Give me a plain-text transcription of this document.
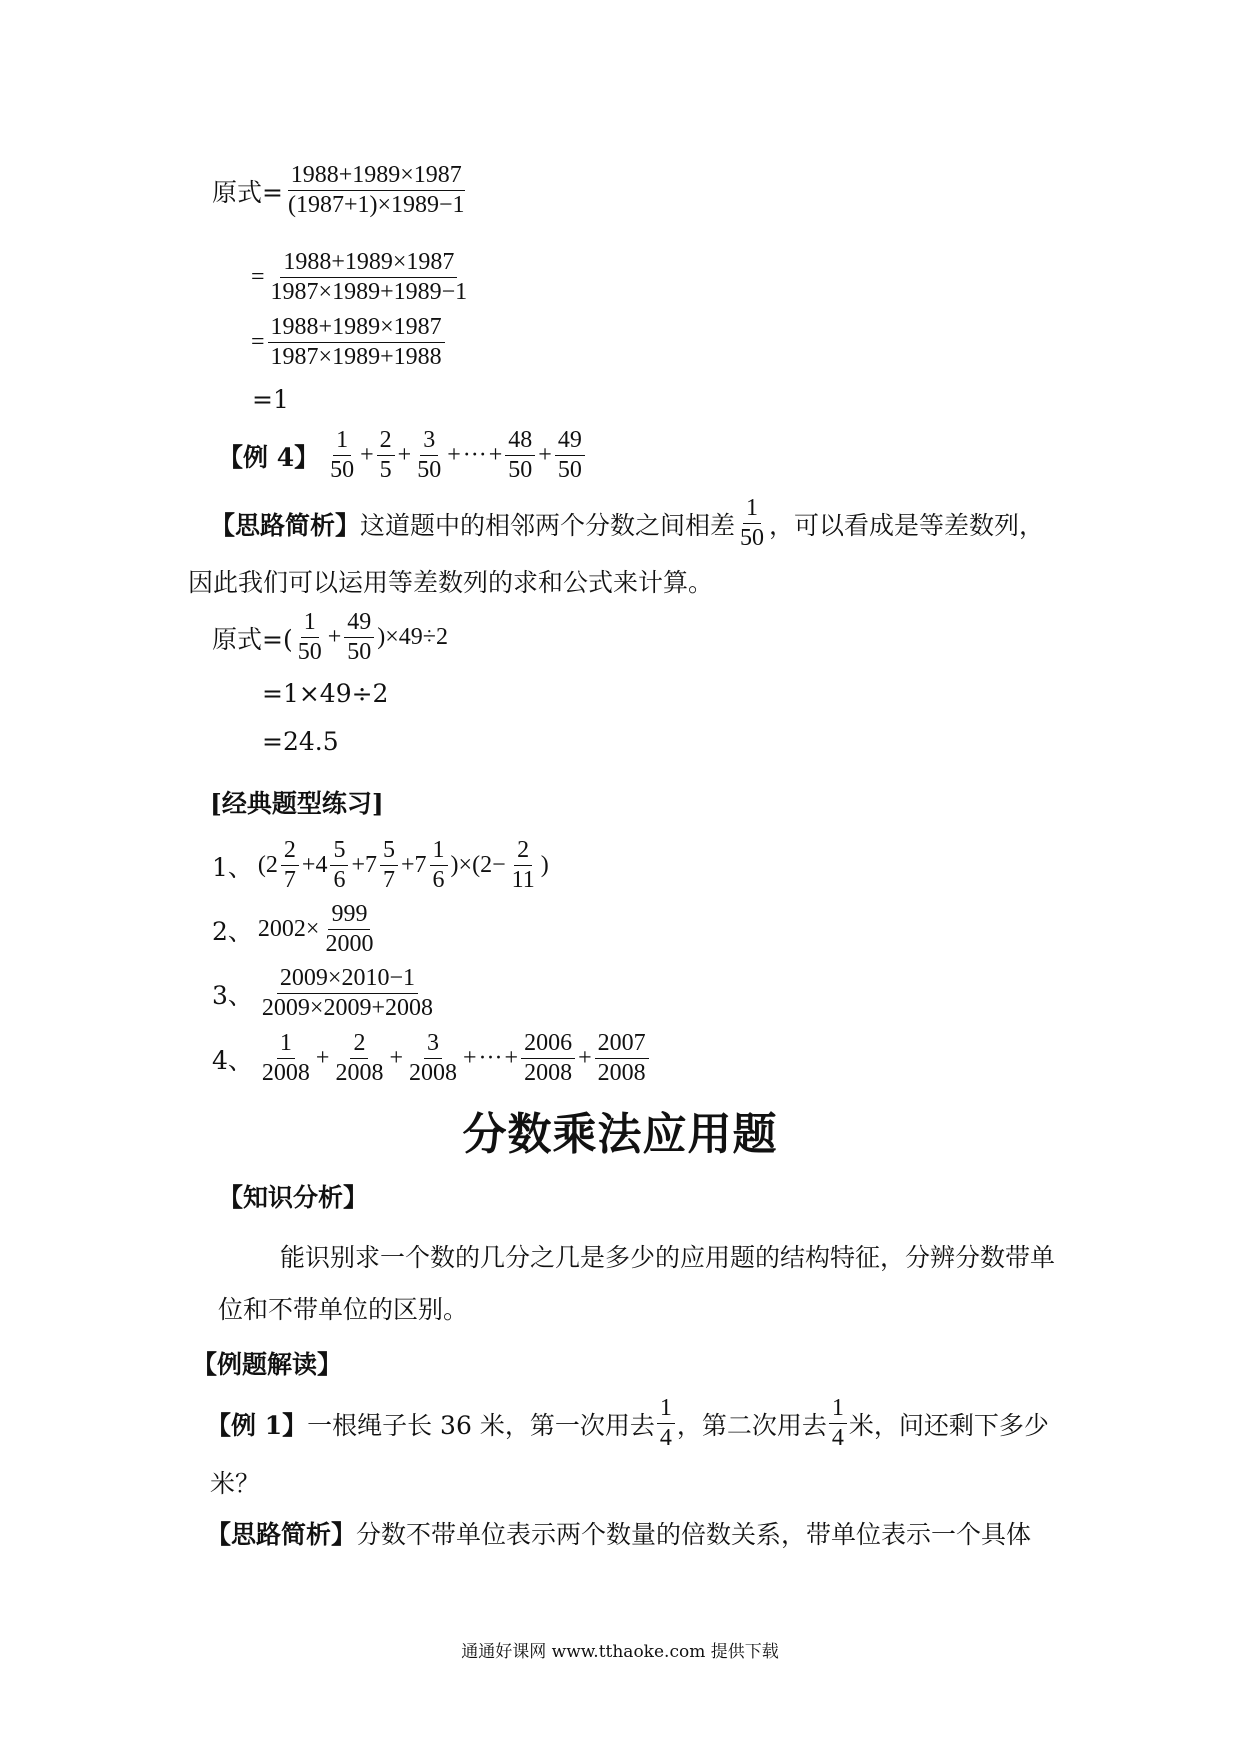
原式= $\frac{1988+1989\times 1987}{(1987+1)\times 1989-1}$
= $\frac{1988+1989\times 1987}{1987\times 1989+1989-1}$
= $\frac{1988+1989\times 1987}{1987\times 1989+1988}$
=1
【例 4】 $\frac{1}{50} + \frac{2}{5} + \frac{3}{50}$ + ··· + $\frac{48}{50} + \frac{49}{50}$
【思路简析】 这道题中的相邻两个分数之间相差 $\frac{1}{50}$ ，可以看成是等差数列，
因此我们可以运用等差数列的求和公式来计算。
原式=( $\frac{1}{50} + \frac{49}{50} )\times 49\div 2$
=1×49÷2
=24.5
[经典题型练习]
1、 $(2 \frac{2}{7} +4 \frac{5}{6} +7 \frac{5}{7} +7 \frac{1}{6} )\times(2- \frac{2}{11}$ )
2、 $2002\times \frac{999}{2000}$
3、 $\frac{2009\times 2010-1}{2009\times 2009+2008}$
4、 $\frac{1}{2008} + \frac{2}{2008} + \frac{3}{2008}$ + ··· + $\frac{2006}{2008} + \frac{2007}{2008}$
分数乘法应用题
【知识分析】
能识别求一个数的几分之几是多少的应用题的结构特征，分辨分数带单
位和不带单位的区别。
【例题解读】
【例 1】 一根绳子长 36 米，第一次用去 $\frac{1}{4}$ ，第二次用去 $\frac{1}{4}$ 米，问还剩下多少
米？
【思路简析】 分数不带单位表示两个数量的倍数关系，带单位表示一个具体
通通好课网 www.tthaoke.com 提供下载
